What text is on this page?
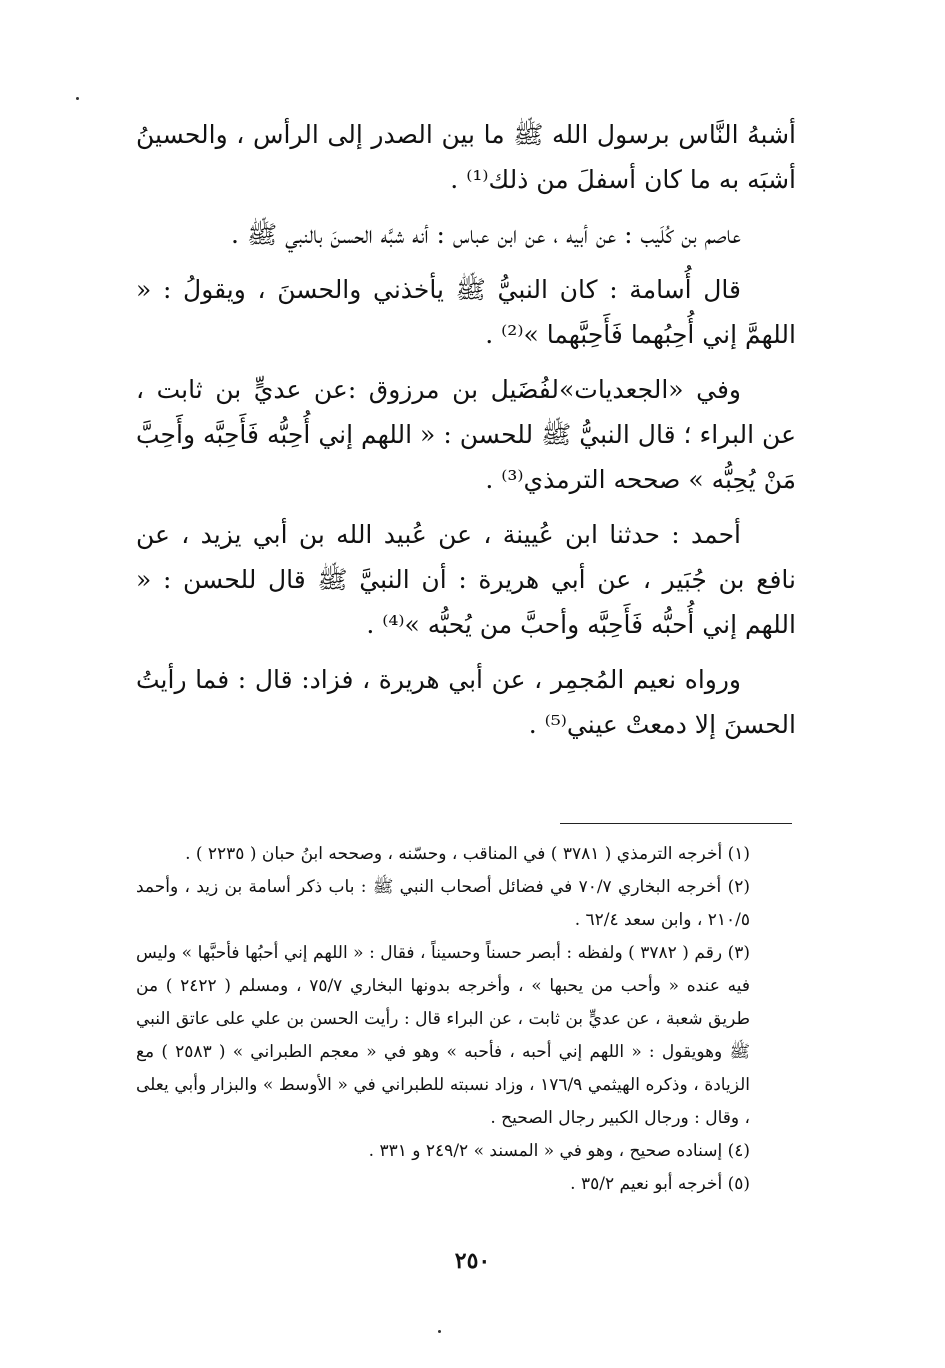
أشبهُ النَّاس برسول الله ﷺ ما بين الصدر إلى الرأس ، والحسينُ أشبَه به ما كان أسفلَ من ذلك⁽¹⁾ .

عاصم بن كُلَيب : عن أبيه ، عن ابن عباس : أنه شبَّه الحسنَ بالنبي ﷺ .

قال أُسامة : كان النبيُّ ﷺ يأخذني والحسنَ ، ويقولُ : « اللهمَّ إني أُحِبُهما فَأَحِبَّهما »⁽²⁾ .

وفي «الجعديات»لفُضَيل بن مرزوق :عن عديٍّ بن ثابت ، عن البراء ؛ قال النبيُّ ﷺ للحسن : « اللهم إني أُحِبُّه فَأَحِبَّه وأَحِبَّ مَنْ يُحِبُّه » صححه الترمذي⁽³⁾ .

أحمد : حدثنا ابن عُيينة ، عن عُبيد الله بن أبي يزيد ، عن نافع بن جُبَير ، عن أبي هريرة : أن النبيَّ ﷺ قال للحسن : « اللهم إني أُحبُّه فَأَحِبَّه وأحبَّ من يُحبُّه »⁽⁴⁾ .

ورواه نعيم المُجمِر ، عن أبي هريرة ، فزاد: قال : فما رأيتُ الحسنَ إلا دمعتْ عيني⁽⁵⁾ .

(١) أخرجه الترمذي ( ٣٧٨١ ) في المناقب ، وحسّنه ، وصححه ابنُ حبان ( ٢٢٣٥ ) .

(٢) أخرجه البخاري ٧٠/٧ في فضائل أصحاب النبي ﷺ : باب ذكر أسامة بن زيد ، وأحمد ٢١٠/٥ ، وابن سعد ٦٢/٤ .

(٣) رقم ( ٣٧٨٢ ) ولفظه : أبصر حسناً وحسيناً ، فقال : « اللهم إني أحبُها فأحبَّها » وليس فيه عنده « وأحب من يحبها » ، وأخرجه بدونها البخاري ٧٥/٧ ، ومسلم ( ٢٤٢٢ ) من طريق شعبة ، عن عديٍّ بن ثابت ، عن البراء قال : رأيت الحسن بن علي على عاتق النبي ﷺ وهويقول : « اللهم إني أحبه ، فأحبه » وهو في « معجم الطبراني » ( ٢٥٨٣ ) مع الزيادة ، وذكره الهيثمي ١٧٦/٩ ، وزاد نسبته للطبراني في « الأوسط » والبزار وأبي يعلى ، وقال : ورجال الكبير رجال الصحيح .

(٤) إسناده صحيح ، وهو في « المسند » ٢٤٩/٢ و ٣٣١ .

(٥) أخرجه أبو نعيم ٣٥/٢ .

٢٥٠
